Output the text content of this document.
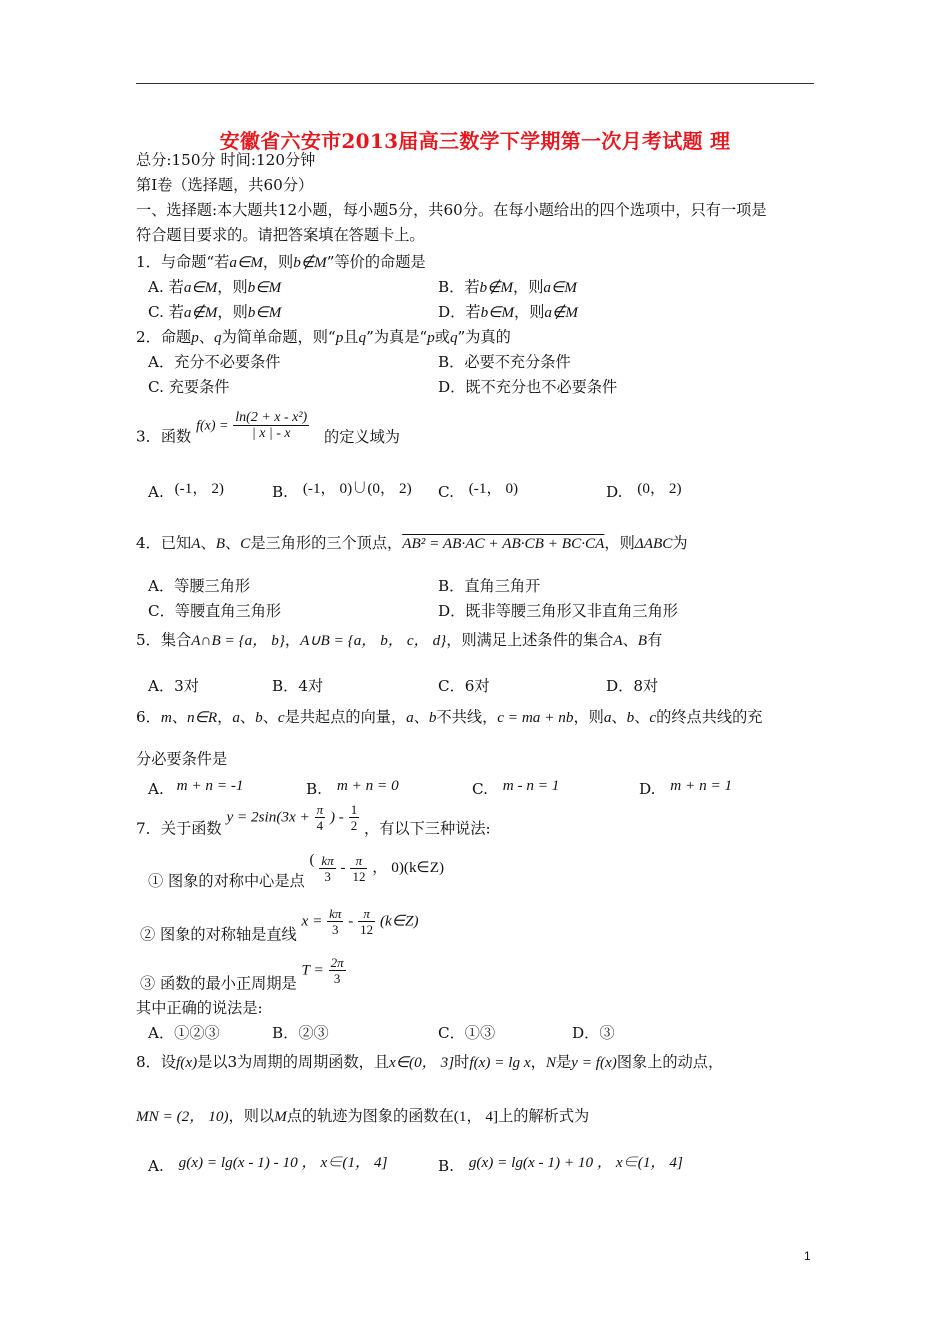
安徽省六安市2013届高三数学下学期第一次月考试题 理
总分:150分 时间:120分钟
第Ⅰ卷（选择题，共60分）
一、选择题:本大题共12小题，每小题5分，共60分。在每小题给出的四个选项中，只有一项是
符合题目要求的。请把答案填在答题卡上。
1．与命题“若a∈M，则b∉M”等价的命题是
A. 若a∈M，则b∈M	B．若b∉M，则a∈M
C. 若a∉M，则b∈M	D．若b∈M，则a∉M
2．命题p、q为简单命题，则“p且q”为真是“p或q”为真的
A．充分不必要条件	B．必要不充分条件
C. 充要条件	D．既不充分也不必要条件
3．函数 $f(x) = \frac{\text{ln(2 + x - x²)}}{| x | - x}$ 的定义域为
A. (-1， 2)	B. (-1， 0)∪(0， 2) C. (-1， 0)	D. (0， 2)
4．已知A、B、C是三角形的三个顶点，AB² = AB·AC + AB·CB + BC·CA，则ΔABC为
A．等腰三角形	B．直角三角开
C．等腰直角三角形	D．既非等腰三角形又非直角三角形
5．集合A∩B = {a， b}，A∪B = {a， b， c， d}，则满足上述条件的集合A、B有
A．3对	B．4对	C．6对	D．8对
6．m、n∈R，a、b、c是共起点的向量，a、b不共线，c = ma + nb，则a、b、c的终点共线的充
分必要条件是
A. m + n = -1	B. m + n = 0	C. m - n = 1	D. m + n = 1
7．关于函数 $y = 2\sin(3x + \frac{\pi}{4}$ ) - $\frac{1}{2}$ ，有以下三种说法:
① 图象的对称中心是点 ( $\frac{k\pi}{3} - \frac{\pi}{12}$ ， 0)(k∈Z)
② 图象的对称轴是直线 $x = \frac{k\pi}{3} - \frac{\pi}{12}$ (k∈Z)
③ 函数的最小正周期是 $T = \frac{2\pi}{3}$
其中正确的说法是:
A．①②③	B．②③	C．①③	D．③
8．设f(x)是以3为周期的周期函数，且x∈(0， 3]时f(x) = lg x，N是y = f(x)图象上的动点，
MN = (2， 10)，则以M点的轨迹为图象的函数在(1， 4]上的解析式为
A. g(x) = lg(x - 1) - 10 ， x∈(1， 4]	B. g(x) = lg(x - 1) + 10 ， x∈(1， 4]
1
